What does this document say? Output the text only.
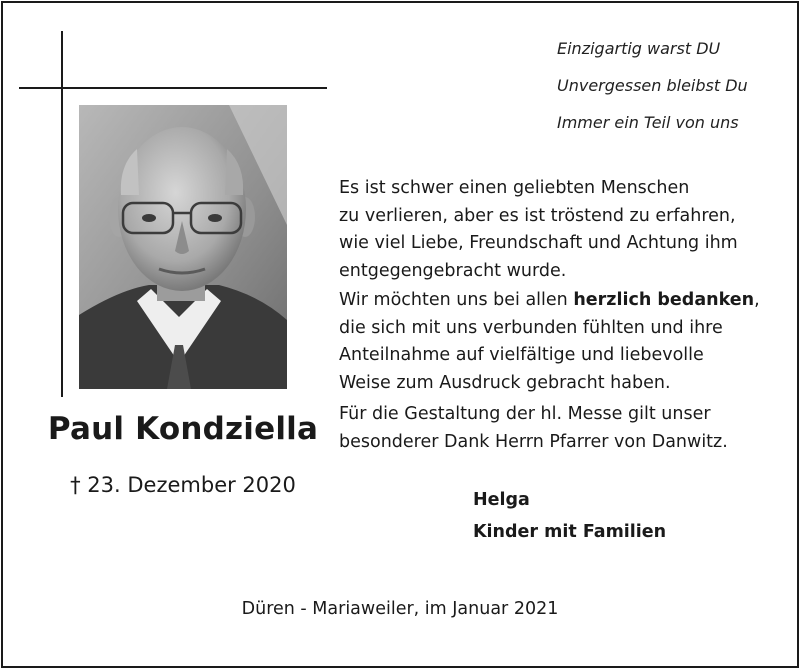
Paul Kondziella
† 23. Dezember 2020
Einzigartig warst DU
Unvergessen bleibst Du
Immer ein Teil von uns
Es ist schwer einen geliebten Menschen
zu verlieren, aber es ist tröstend zu erfahren,
wie viel Liebe, Freundschaft und Achtung ihm
entgegengebracht wurde.
Wir möchten uns bei allen herzlich bedanken,
die sich mit uns verbunden fühlten und ihre
Anteilnahme auf vielfältige und liebevolle
Weise zum Ausdruck gebracht haben.
Für die Gestaltung der hl. Messe gilt unser
besonderer Dank Herrn Pfarrer von Danwitz.
Helga
Kinder mit Familien
Düren - Mariaweiler, im Januar 2021
